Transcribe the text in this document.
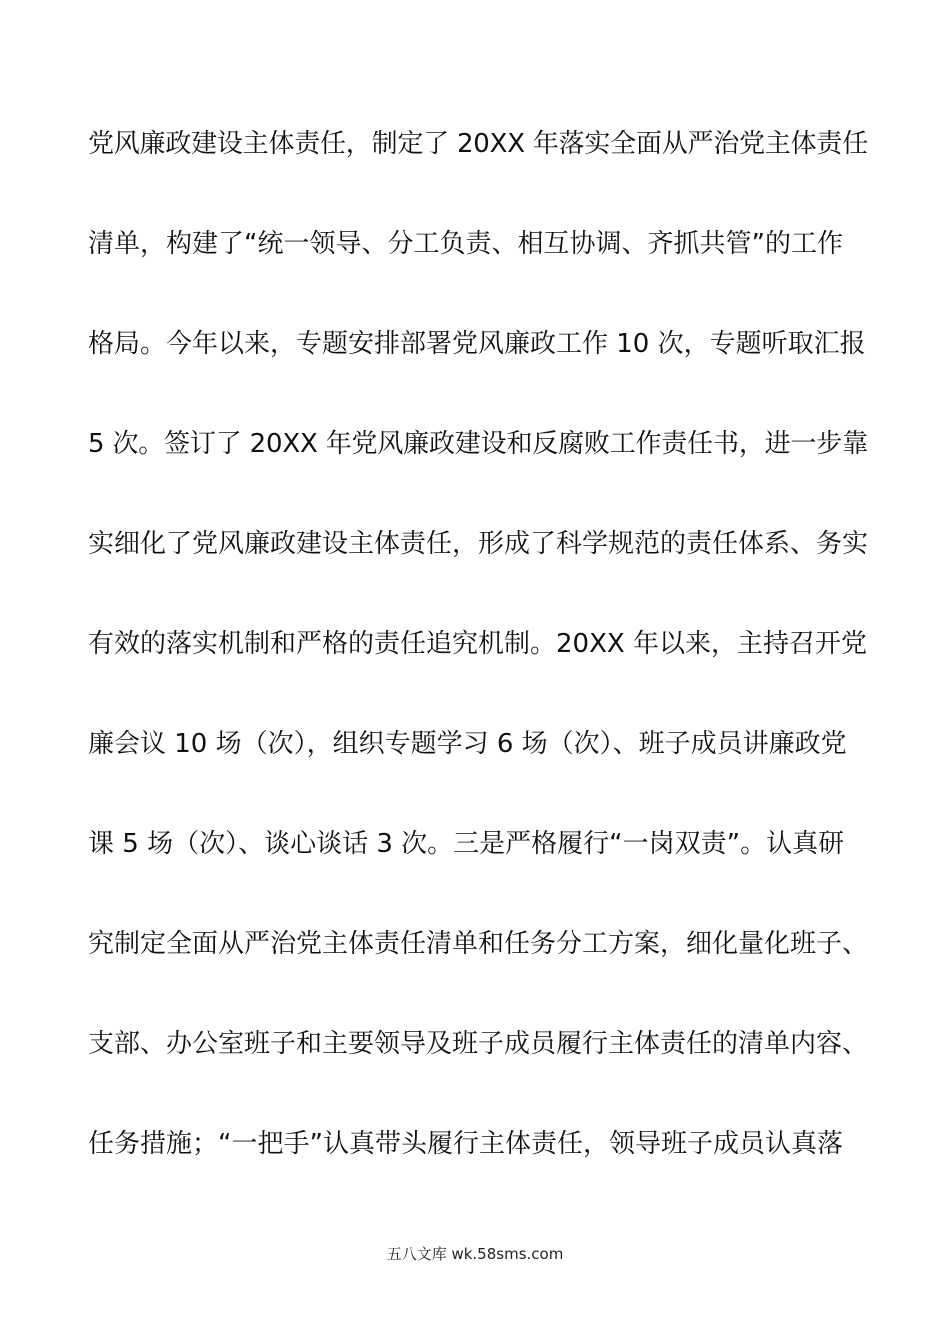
党风廉政建设主体责任，制定了 20XX 年落实全面从严治党主体责任
清单，构建了“统一领导、分工负责、相互协调、齐抓共管”的工作
格局。今年以来，专题安排部署党风廉政工作 10 次，专题听取汇报
5 次。签订了 20XX 年党风廉政建设和反腐败工作责任书，进一步靠
实细化了党风廉政建设主体责任，形成了科学规范的责任体系、务实
有效的落实机制和严格的责任追究机制。20XX 年以来，主持召开党
廉会议 10 场（次），组织专题学习 6 场（次）、班子成员讲廉政党
课 5 场（次）、谈心谈话 3 次。三是严格履行“一岗双责”。认真研
究制定全面从严治党主体责任清单和任务分工方案，细化量化班子、
支部、办公室班子和主要领导及班子成员履行主体责任的清单内容、
任务措施；“一把手”认真带头履行主体责任，领导班子成员认真落
五八文库 wk.58sms.com
